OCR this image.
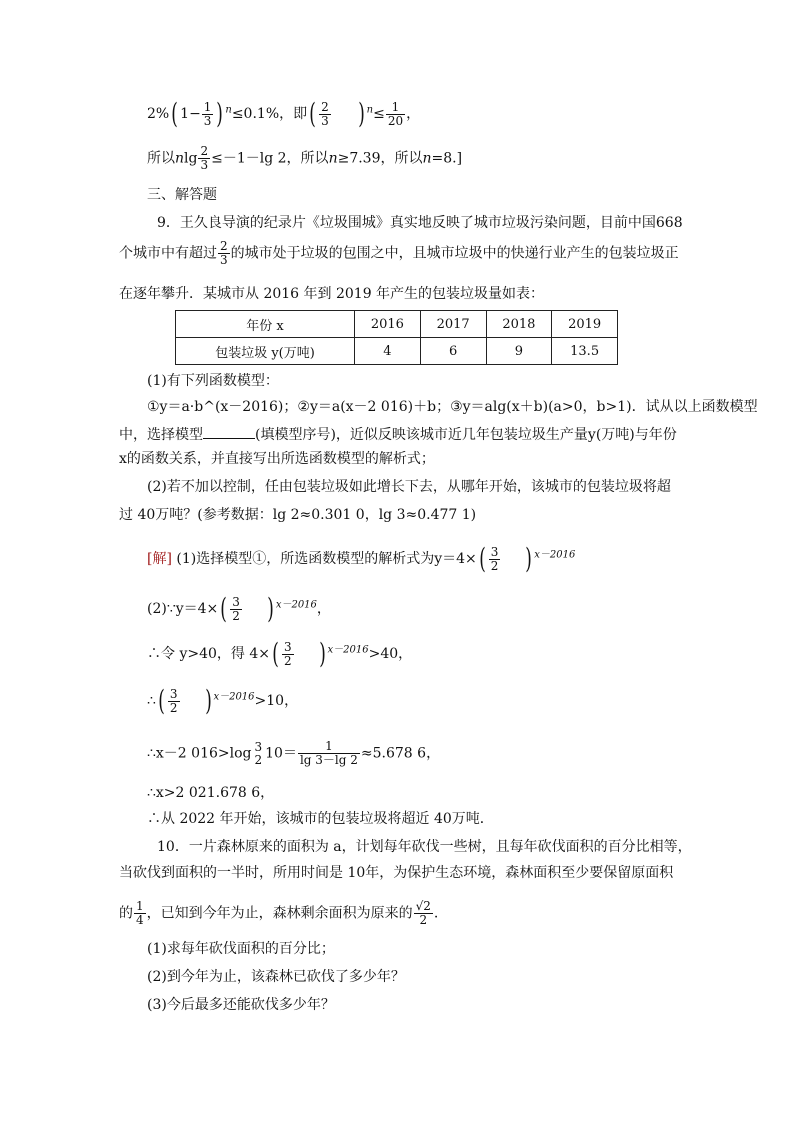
2%( $1- \frac{1}{3}$ ) $^n$≤0.1%，即( $\frac{2}{3}$ ) $^n\le \frac{1}{20}$ ，
所以nlg $\frac{2}{3} \le-1-\lg$ 2，所以n≥7.39，所以n=8.]
三、解答题
9．王久良导演的纪录片《垃圾围城》真实地反映了城市垃圾污染问题，目前中国668
个城市中有超过 $\frac{2}{3}$ 的城市处于垃圾的包围之中，且城市垃圾中的快递行业产生的包装垃圾正
在逐年攀升．某城市从 2016 年到 2019 年产生的包装垃圾量如表：
年份 x	2016	2017	2018	2019
包装垃圾 y(万吨)	4	6	9	13.5
(1)有下列函数模型：
①y＝a·b^(x－2016)；②y＝a(x－2 016)＋b；③y＝alg(x＋b)(a>0，b>1)．试从以上函数模型
中，选择模型	(填模型序号)，近似反映该城市近几年包装垃圾生产量y(万吨)与年份
x的函数关系，并直接写出所选函数模型的解析式；
(2)若不加以控制，任由包装垃圾如此增长下去，从哪年开始，该城市的包装垃圾将超
过 40万吨？(参考数据：lg 2≈0.301 0，lg 3≈0.477 1)
[解] (1)选择模型①，所选函数模型的解析式为$y=4\times( \frac{3}{2}$ ) $^{x-2016}$
(2)∵y＝4×( $\frac{3}{2}$ ) $^{x-2016}$，
∴令 y>40，得 $4\times( \frac{3}{2}$ ) $^{x-2016}$>40，
∴( $\frac{3}{2}$ ) $^{x-2016}$>10，
∴x－2 016>log 3
2 $10= \frac{1}{\lg 3-\lg 2} \approx 5.678$ 6，
∴x>2 021.678 6，
∴从 2022 年开始，该城市的包装垃圾将超近 40万吨．
10．一片森林原来的面积为 a，计划每年砍伐一些树，且每年砍伐面积的百分比相等，
当砍伐到面积的一半时，所用时间是 10年，为保护生态环境，森林面积至少要保留原面积
的 $\frac{1}{4}$ ，已知到今年为止，森林剩余面积为原来的 $\frac{√2}{2}$ .
(1)求每年砍伐面积的百分比；
(2)到今年为止，该森林已砍伐了多少年？
(3)今后最多还能砍伐多少年？
